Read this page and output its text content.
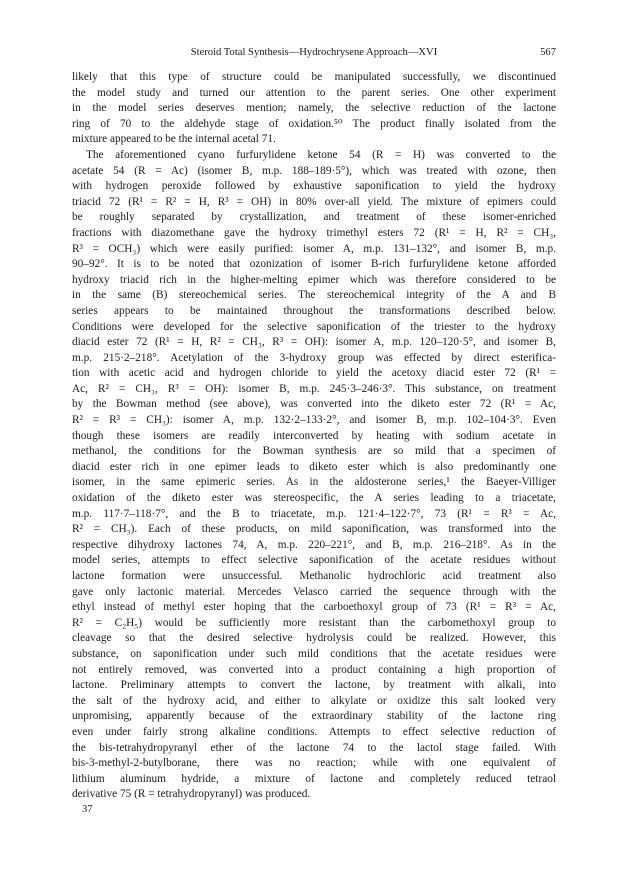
Steroid Total Synthesis—Hydrochrysene Approach—XVI	567
likely that this type of structure could be manipulated successfully, we discontinued
the model study and turned our attention to the parent series. One other experiment
in the model series deserves mention; namely, the selective reduction of the lactone
ring of 70 to the aldehyde stage of oxidation.⁵⁰ The product finally isolated from the
mixture appeared to be the internal acetal 71.
The aforementioned cyano furfurylidene ketone 54 (R = H) was converted to the
acetate 54 (R = Ac) (isomer B, m.p. 188–189·5°), which was treated with ozone, then
with hydrogen peroxide followed by exhaustive saponification to yield the hydroxy
triacid 72 (R¹ = R² = H, R³ = OH) in 80% over-all yield. The mixture of epimers could
be roughly separated by crystallization, and treatment of these isomer-enriched
fractions with diazomethane gave the hydroxy trimethyl esters 72 (R¹ = H, R² = CH₃,
R³ = OCH₃) which were easily purified: isomer A, m.p. 131–132°, and isomer B, m.p.
90–92°. It is to be noted that ozonization of isomer B-rich furfurylidene ketone afforded
hydroxy triacid rich in the higher-melting epimer which was therefore considered to be
in the same (B) stereochemical series. The stereochemical integrity of the A and B
series appears to be maintained throughout the transformations described below.
Conditions were developed for the selective saponification of the triester to the hydroxy
diacid ester 72 (R¹ = H, R² = CH₃, R³ = OH): isomer A, m.p. 120–120·5°, and isomer B,
m.p. 215·2–218°. Acetylation of the 3-hydroxy group was effected by direct esterifica-
tion with acetic acid and hydrogen chloride to yield the acetoxy diacid ester 72 (R¹ =
Ac, R² = CH₃, R³ = OH): isomer B, m.p. 245·3–246·3°. This substance, on treatment
by the Bowman method (see above), was converted into the diketo ester 72 (R¹ = Ac,
R² = R³ = CH₃): isomer A, m.p. 132·2–133·2°, and isomer B, m.p. 102–104·3°. Even
though these isomers are readily interconverted by heating with sodium acetate in
methanol, the conditions for the Bowman synthesis are so mild that a specimen of
diacid ester rich in one epimer leads to diketo ester which is also predominantly one
isomer, in the same epimeric series. As in the aldosterone series,¹ the Baeyer-Villiger
oxidation of the diketo ester was stereospecific, the A series leading to a triacetate,
m.p. 117·7–118·7°, and the B to triacetate, m.p. 121·4–122·7°, 73 (R¹ = R³ = Ac,
R² = CH₃). Each of these products, on mild saponification, was transformed into the
respective dihydroxy lactones 74, A, m.p. 220–221°, and B, m.p. 216–218°. As in the
model series, attempts to effect selective saponification of the acetate residues without
lactone formation were unsuccessful. Methanolic hydrochloric acid treatment also
gave only lactonic material. Mercedes Velasco carried the sequence through with the
ethyl instead of methyl ester hoping that the carboethoxyl group of 73 (R¹ = R³ = Ac,
R² = C₂H₅) would be sufficiently more resistant than the carbomethoxyl group to
cleavage so that the desired selective hydrolysis could be realized. However, this
substance, on saponification under such mild conditions that the acetate residues were
not entirely removed, was converted into a product containing a high proportion of
lactone. Preliminary attempts to convert the lactone, by treatment with alkali, into
the salt of the hydroxy acid, and either to alkylate or oxidize this salt looked very
unpromising, apparently because of the extraordinary stability of the lactone ring
even under fairly strong alkaline conditions. Attempts to effect selective reduction of
the bis-tetrahydropyranyl ether of the lactone 74 to the lactol stage failed. With
bis-3-methyl-2-butylborane, there was no reaction; while with one equivalent of
lithium aluminum hydride, a mixture of lactone and completely reduced tetraol
derivative 75 (R = tetrahydropyranyl) was produced.
37
